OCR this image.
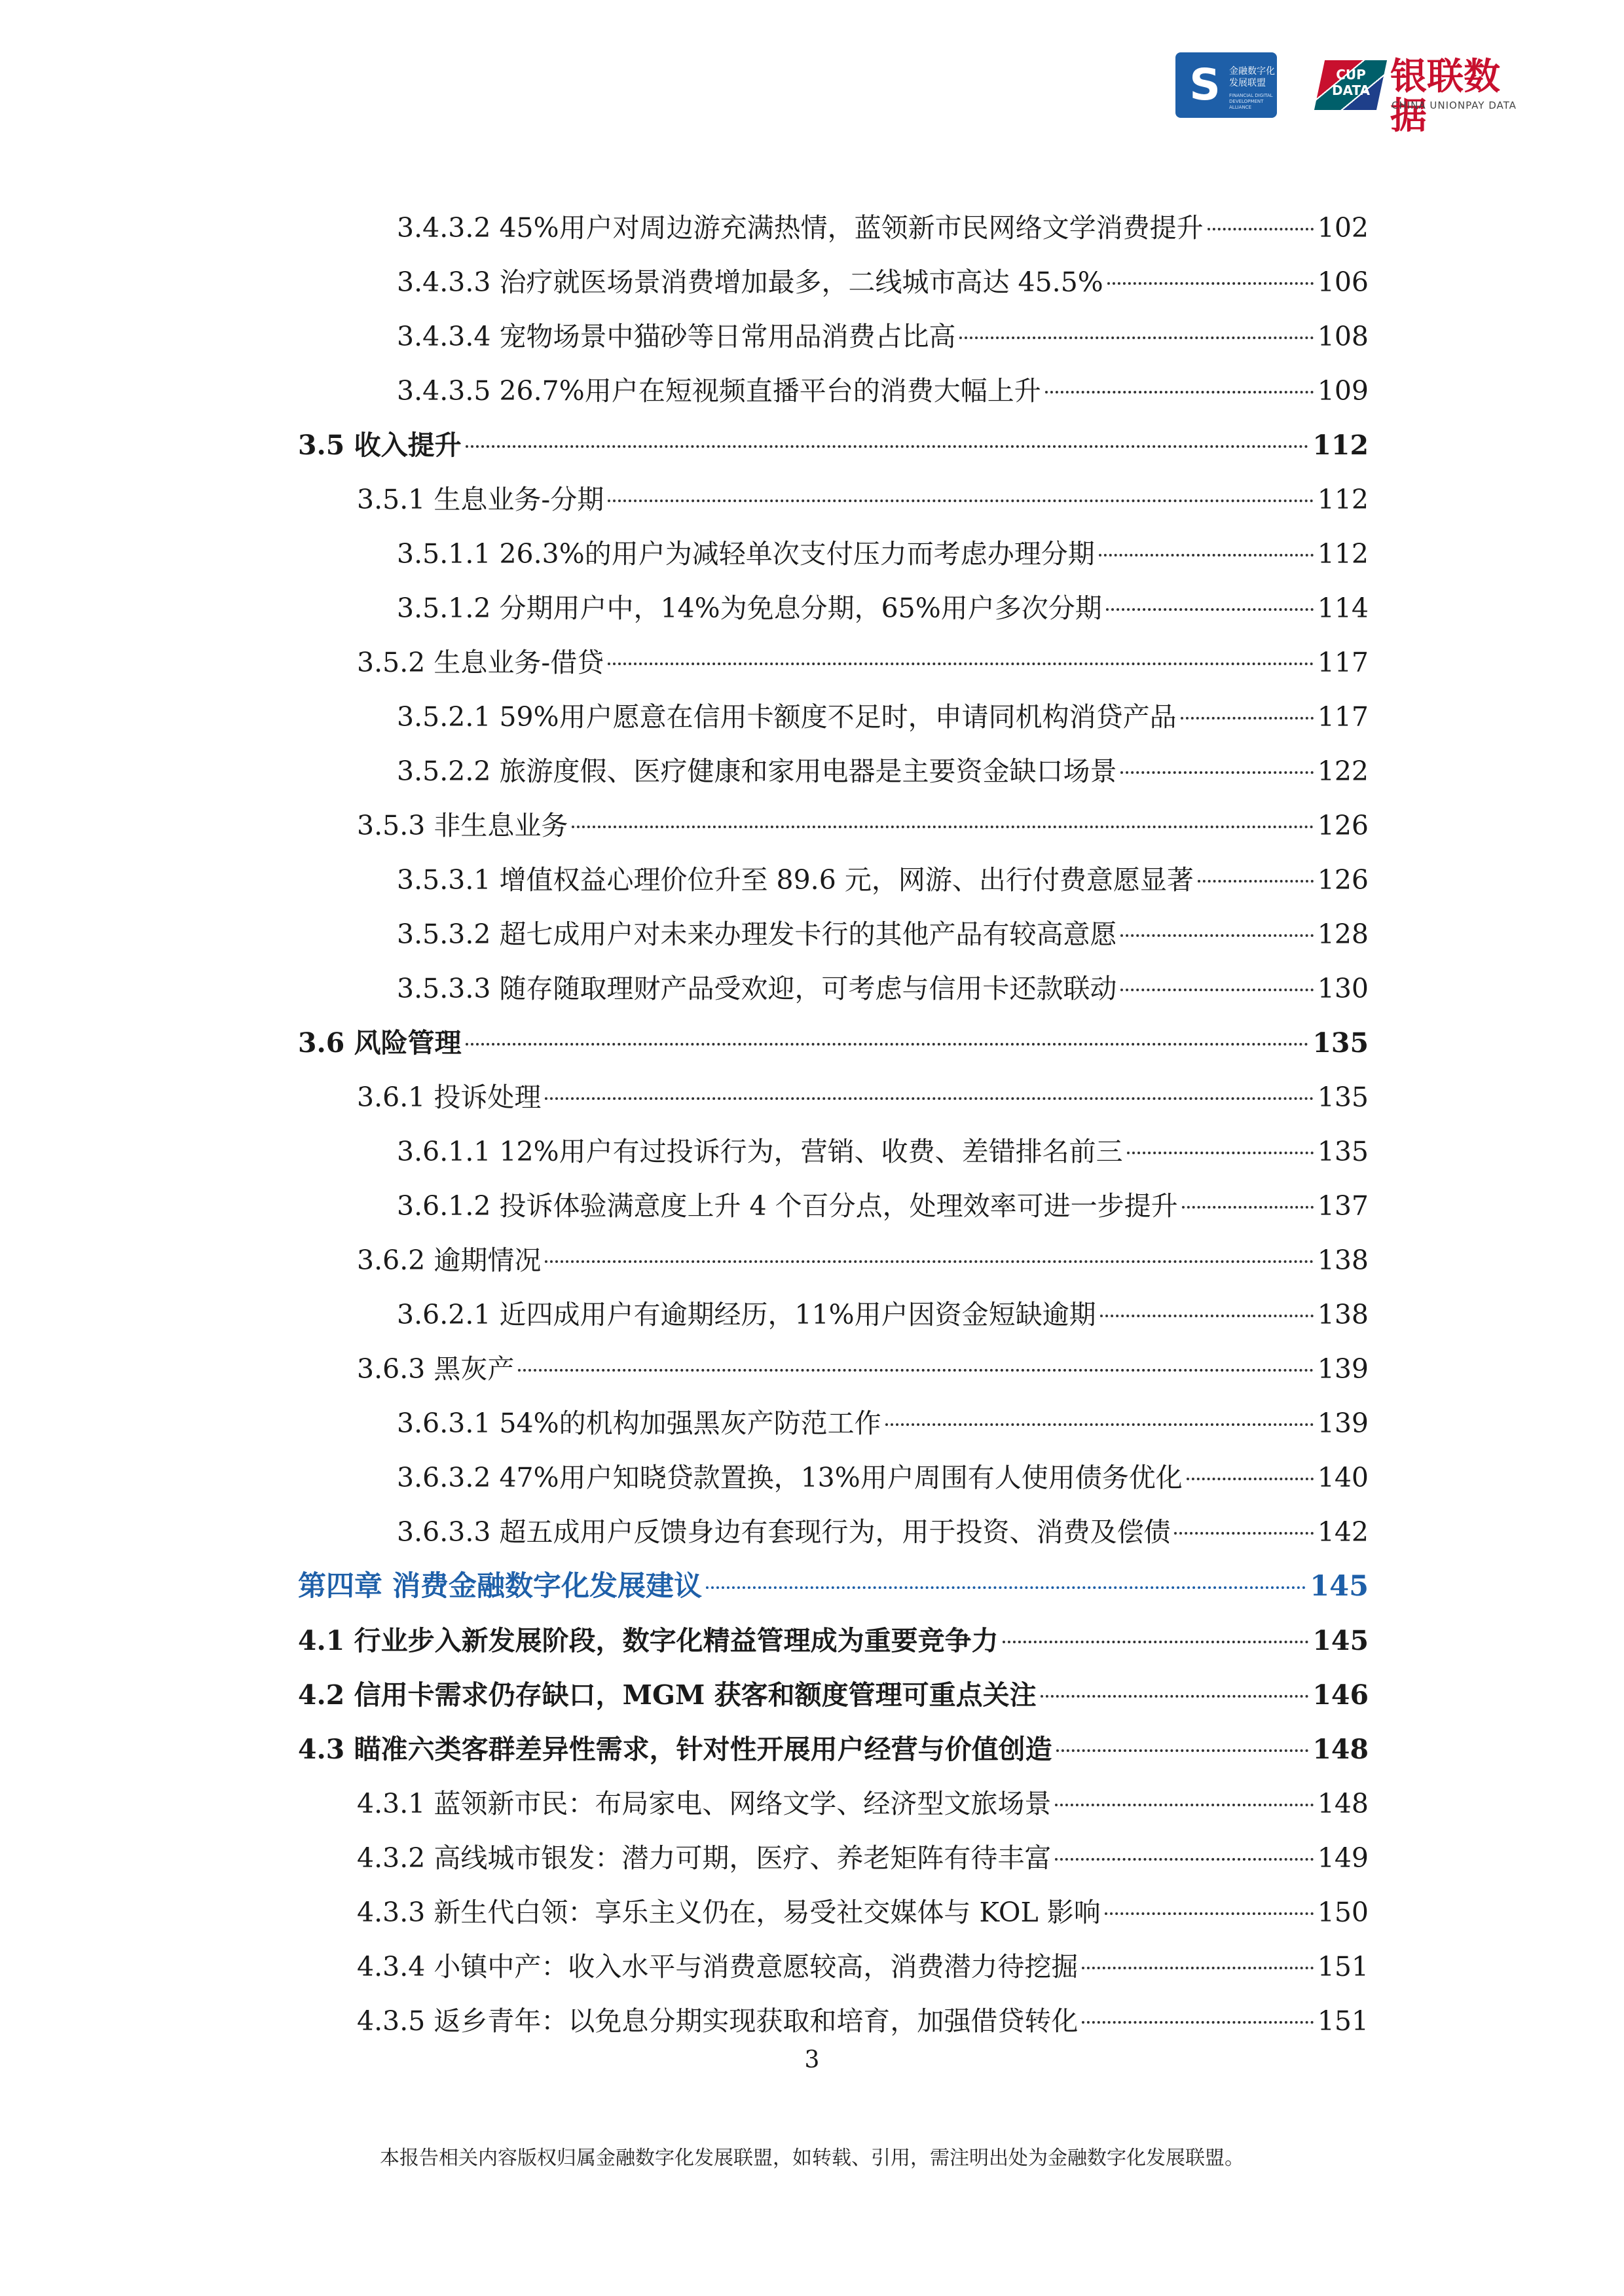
S 金融数字化发展联盟
FINANCIAL DIGITAL DEVELOPMENT ALLIANCE
CUP DATA 银联数据
CHINA UNIONPAY DATA
3.4.3.2 45%用户对周边游充满热情，蓝领新市民网络文学消费提升	102
3.4.3.3 治疗就医场景消费增加最多，二线城市高达 45.5%	106
3.4.3.4 宠物场景中猫砂等日常用品消费占比高	108
3.4.3.5 26.7%用户在短视频直播平台的消费大幅上升	109
3.5 收入提升	112
3.5.1 生息业务-分期	112
3.5.1.1 26.3%的用户为减轻单次支付压力而考虑办理分期	112
3.5.1.2 分期用户中，14%为免息分期，65%用户多次分期	114
3.5.2 生息业务-借贷	117
3.5.2.1 59%用户愿意在信用卡额度不足时，申请同机构消贷产品	117
3.5.2.2 旅游度假、医疗健康和家用电器是主要资金缺口场景	122
3.5.3 非生息业务	126
3.5.3.1 增值权益心理价位升至 89.6 元，网游、出行付费意愿显著	126
3.5.3.2 超七成用户对未来办理发卡行的其他产品有较高意愿	128
3.5.3.3 随存随取理财产品受欢迎，可考虑与信用卡还款联动	130
3.6 风险管理	135
3.6.1 投诉处理	135
3.6.1.1 12%用户有过投诉行为，营销、收费、差错排名前三	135
3.6.1.2 投诉体验满意度上升 4 个百分点，处理效率可进一步提升	137
3.6.2 逾期情况	138
3.6.2.1 近四成用户有逾期经历，11%用户因资金短缺逾期	138
3.6.3 黑灰产	139
3.6.3.1 54%的机构加强黑灰产防范工作	139
3.6.3.2 47%用户知晓贷款置换，13%用户周围有人使用债务优化	140
3.6.3.3 超五成用户反馈身边有套现行为，用于投资、消费及偿债	142
第四章 消费金融数字化发展建议	145
4.1 行业步入新发展阶段，数字化精益管理成为重要竞争力	145
4.2 信用卡需求仍存缺口，MGM 获客和额度管理可重点关注	146
4.3 瞄准六类客群差异性需求，针对性开展用户经营与价值创造	148
4.3.1 蓝领新市民：布局家电、网络文学、经济型文旅场景	148
4.3.2 高线城市银发：潜力可期，医疗、养老矩阵有待丰富	149
4.3.3 新生代白领：享乐主义仍在，易受社交媒体与 KOL 影响	150
4.3.4 小镇中产：收入水平与消费意愿较高，消费潜力待挖掘	151
4.3.5 返乡青年：以免息分期实现获取和培育，加强借贷转化	151
3
本报告相关内容版权归属金融数字化发展联盟，如转载、引用，需注明出处为金融数字化发展联盟。
